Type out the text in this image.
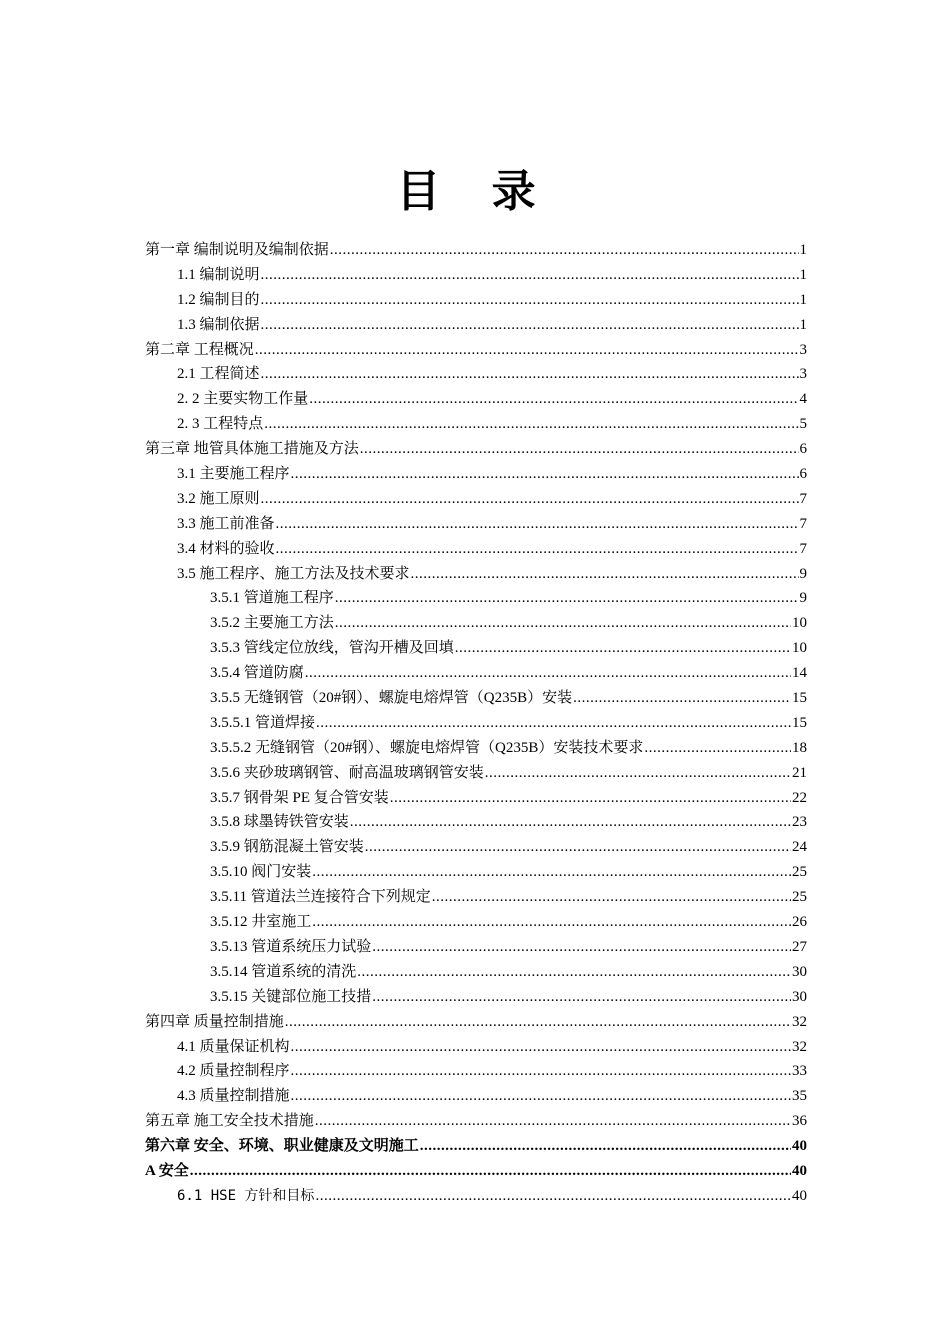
目 录
第一章 编制说明及编制依据 .....	1
1.1 编制说明 .....	1
1.2 编制目的 .....	1
1.3 编制依据 .....	1
第二章 工程概况 .....	3
2.1 工程简述 .....	3
2. 2 主要实物工作量 .....	4
2. 3 工程特点 .....	5
第三章 地管具体施工措施及方法 .....	6
3.1 主要施工程序 .....	6
3.2 施工原则 .....	7
3.3 施工前准备 .....	7
3.4 材料的验收 .....	7
3.5 施工程序、施工方法及技术要求 .....	9
3.5.1 管道施工程序 .....	9
3.5.2 主要施工方法 .....	10
3.5.3 管线定位放线，管沟开槽及回填 .....	10
3.5.4 管道防腐 .....	14
3.5.5 无缝钢管（20#钢）、螺旋电熔焊管（Q235B）安装 .....	15
3.5.5.1 管道焊接 .....	15
3.5.5.2 无缝钢管（20#钢）、螺旋电熔焊管（Q235B）安装技术要求 .....	18
3.5.6 夹砂玻璃钢管、耐高温玻璃钢管安装 .....	21
3.5.7 钢骨架 PE 复合管安装 .....	22
3.5.8 球墨铸铁管安装 .....	23
3.5.9 钢筋混凝土管安装 .....	24
3.5.10 阀门安装 .....	25
3.5.11 管道法兰连接符合下列规定 .....	25
3.5.12 井室施工 .....	26
3.5.13 管道系统压力试验 .....	27
3.5.14 管道系统的清洗 .....	30
3.5.15 关键部位施工技措 .....	30
第四章 质量控制措施 .....	32
4.1 质量保证机构 .....	32
4.2 质量控制程序 .....	33
4.3 质量控制措施 .....	35
第五章 施工安全技术措施 .....	36
第六章 安全、环境、职业健康及文明施工 .....	40
A 安全 .....	40
6.1 HSE 方针和目标 .....	40
